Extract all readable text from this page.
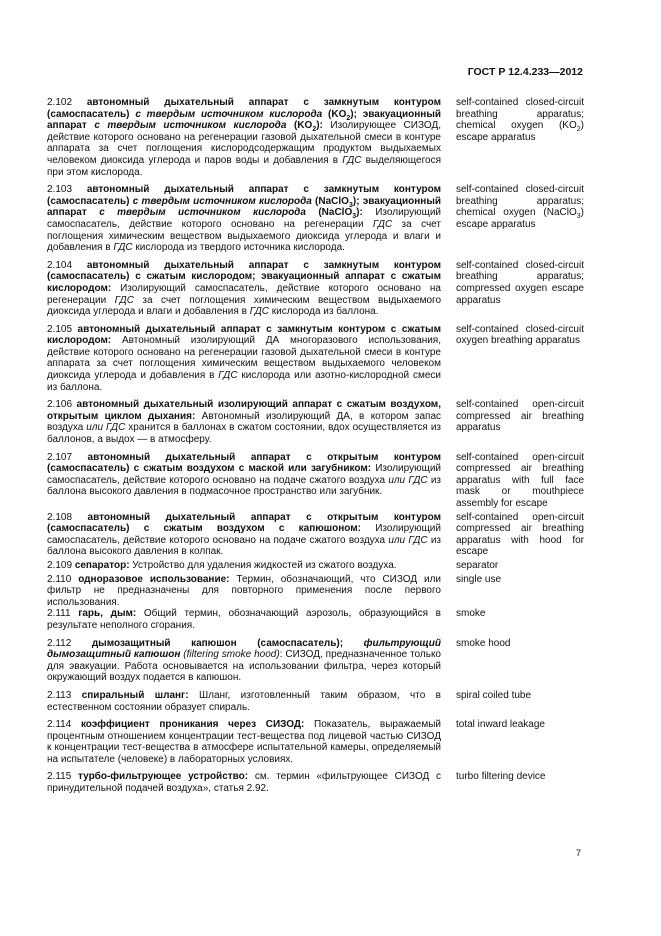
ГОСТ Р 12.4.233—2012
2.102 автономный дыхательный аппарат с замкнутым контуром (самоспасатель) с твердым источником кислорода $(KO_2)$; эвакуационный аппарат с твердым источником кислорода $(KO_2)$: Изолирующее СИЗОД, действие которого основано на регенерации газовой дыхательной смеси в контуре аппарата за счет поглощения кислородсодержащим продуктом выдыхаемых человеком диоксида углерода и паров воды и добавления в ГДС выделяющегося при этом кислорода.
self-contained closed-circuit breathing apparatus; chemical oxygen $(KO_2)$ escape apparatus
2.103 автономный дыхательный аппарат с замкнутым контуром (самоспасатель) с твердым источником кислорода (NaClO$_3$); эвакуационный аппарат с твердым источником кислорода (NaClO$_3$): Изолирующий самоспасатель, действие которого основано на регенерации ГДС за счет поглощения химическим веществом выдыхаемого диоксида углерода и влаги и добавления в ГДС кислорода из твердого источника кислорода.
self-contained closed-circuit breathing apparatus; chemical oxygen (NaClO$_3$) escape apparatus
2.104 автономный дыхательный аппарат с замкнутым контуром (самоспасатель) с сжатым кислородом; эвакуационный аппарат с сжатым кислородом: Изолирующий самоспасатель, действие которого основано на регенерации ГДС за счет поглощения химическим веществом выдыхаемого диоксида углерода и влаги и добавления в ГДС кислорода из баллона.
self-contained closed-circuit breathing apparatus; compressed oxygen escape apparatus
2.105 автономный дыхательный аппарат с замкнутым контуром с сжатым кислородом: Автономный изолирующий ДА многоразового использования, действие которого основано на регенерации газовой дыхательной смеси в контуре аппарата за счет поглощения химическим веществом выдыхаемого человеком диоксида углерода и добавления в ГДС кислорода или азотно-кислородной смеси из баллона.
self-contained closed-circuit oxygen breathing apparatus
2.106 автономный дыхательный изолирующий аппарат с сжатым воздухом, открытым циклом дыхания: Автономный изолирующий ДА, в котором запас воздуха или ГДС хранится в баллонах в сжатом состоянии, вдох осуществляется из баллонов, а выдох — в атмосферу.
self-contained open-circuit compressed air breathing apparatus
2.107 автономный дыхательный аппарат с открытым контуром (самоспасатель) с сжатым воздухом с маской или загубником: Изолирующий самоспасатель, действие которого основано на подаче сжатого воздуха или ГДС из баллона высокого давления в подмасочное пространство или загубник.
self-contained open-circuit compressed air breathing apparatus with full face mask or mouthpiece assembly for escape
2.108 автономный дыхательный аппарат с открытым контуром (самоспасатель) с сжатым воздухом с капюшоном: Изолирующий самоспасатель, действие которого основано на подаче сжатого воздуха или ГДС из баллона высокого давления в колпак.
self-contained open-circuit compressed air breathing apparatus with hood for escape
2.109 сепаратор: Устройство для удаления жидкостей из сжатого воздуха.	separator
2.110 одноразовое использование: Термин, обозначающий, что СИЗОД или фильтр не предназначены для повторного применения после первого использования.
single use
2.111 гарь, дым: Общий термин, обозначающий аэрозоль, образующийся в результате неполного сгорания.
smoke
2.112 дымозащитный капюшон (самоспасатель); фильтрующий дымозащитный капюшон (filtering smoke hood): СИЗОД, предназначенное только для эвакуации. Работа основывается на использовании фильтра, через который окружающий воздух подается в капюшон.
smoke hood
2.113 спиральный шланг: Шланг, изготовленный таким образом, что в естественном состоянии образует спираль.
spiral coiled tube
2.114 коэффициент проникания через СИЗОД: Показатель, выражаемый процентным отношением концентрации тест-вещества под лицевой частью СИЗОД к концентрации тест-вещества в атмосфере испытательной камеры, определяемый на испытателе (человеке) в лабораторных условиях.
total inward leakage
2.115 турбо-фильтрующее устройство: см. термин «фильтрующее СИЗОД с принудительной подачей воздуха», статья 2.92.
turbo filtering device
7
